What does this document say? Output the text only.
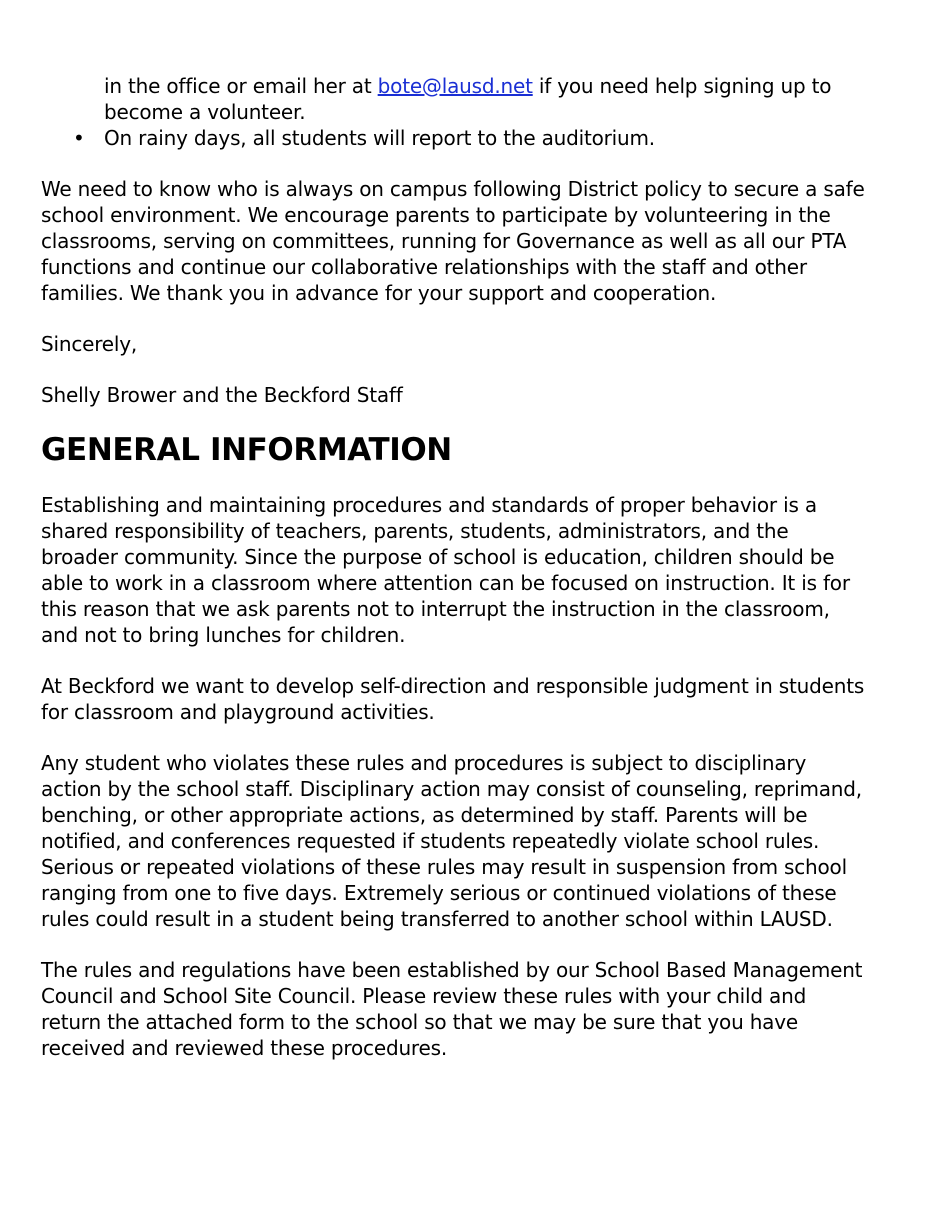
in the office or email her at bote@lausd.net if you need help signing up to become a volunteer.
• On rainy days, all students will report to the auditorium.

We need to know who is always on campus following District policy to secure a safe school environment. We encourage parents to participate by volunteering in the classrooms, serving on committees, running for Governance as well as all our PTA functions and continue our collaborative relationships with the staff and other families. We thank you in advance for your support and cooperation.

Sincerely,

Shelly Brower and the Beckford Staff

GENERAL INFORMATION

Establishing and maintaining procedures and standards of proper behavior is a shared responsibility of teachers, parents, students, administrators, and the broader community. Since the purpose of school is education, children should be able to work in a classroom where attention can be focused on instruction. It is for this reason that we ask parents not to interrupt the instruction in the classroom, and not to bring lunches for children.

At Beckford we want to develop self-direction and responsible judgment in students for classroom and playground activities.

Any student who violates these rules and procedures is subject to disciplinary action by the school staff. Disciplinary action may consist of counseling, reprimand, benching, or other appropriate actions, as determined by staff. Parents will be notified, and conferences requested if students repeatedly violate school rules. Serious or repeated violations of these rules may result in suspension from school ranging from one to five days. Extremely serious or continued violations of these rules could result in a student being transferred to another school within LAUSD.

The rules and regulations have been established by our School Based Management Council and School Site Council. Please review these rules with your child and return the attached form to the school so that we may be sure that you have received and reviewed these procedures.
